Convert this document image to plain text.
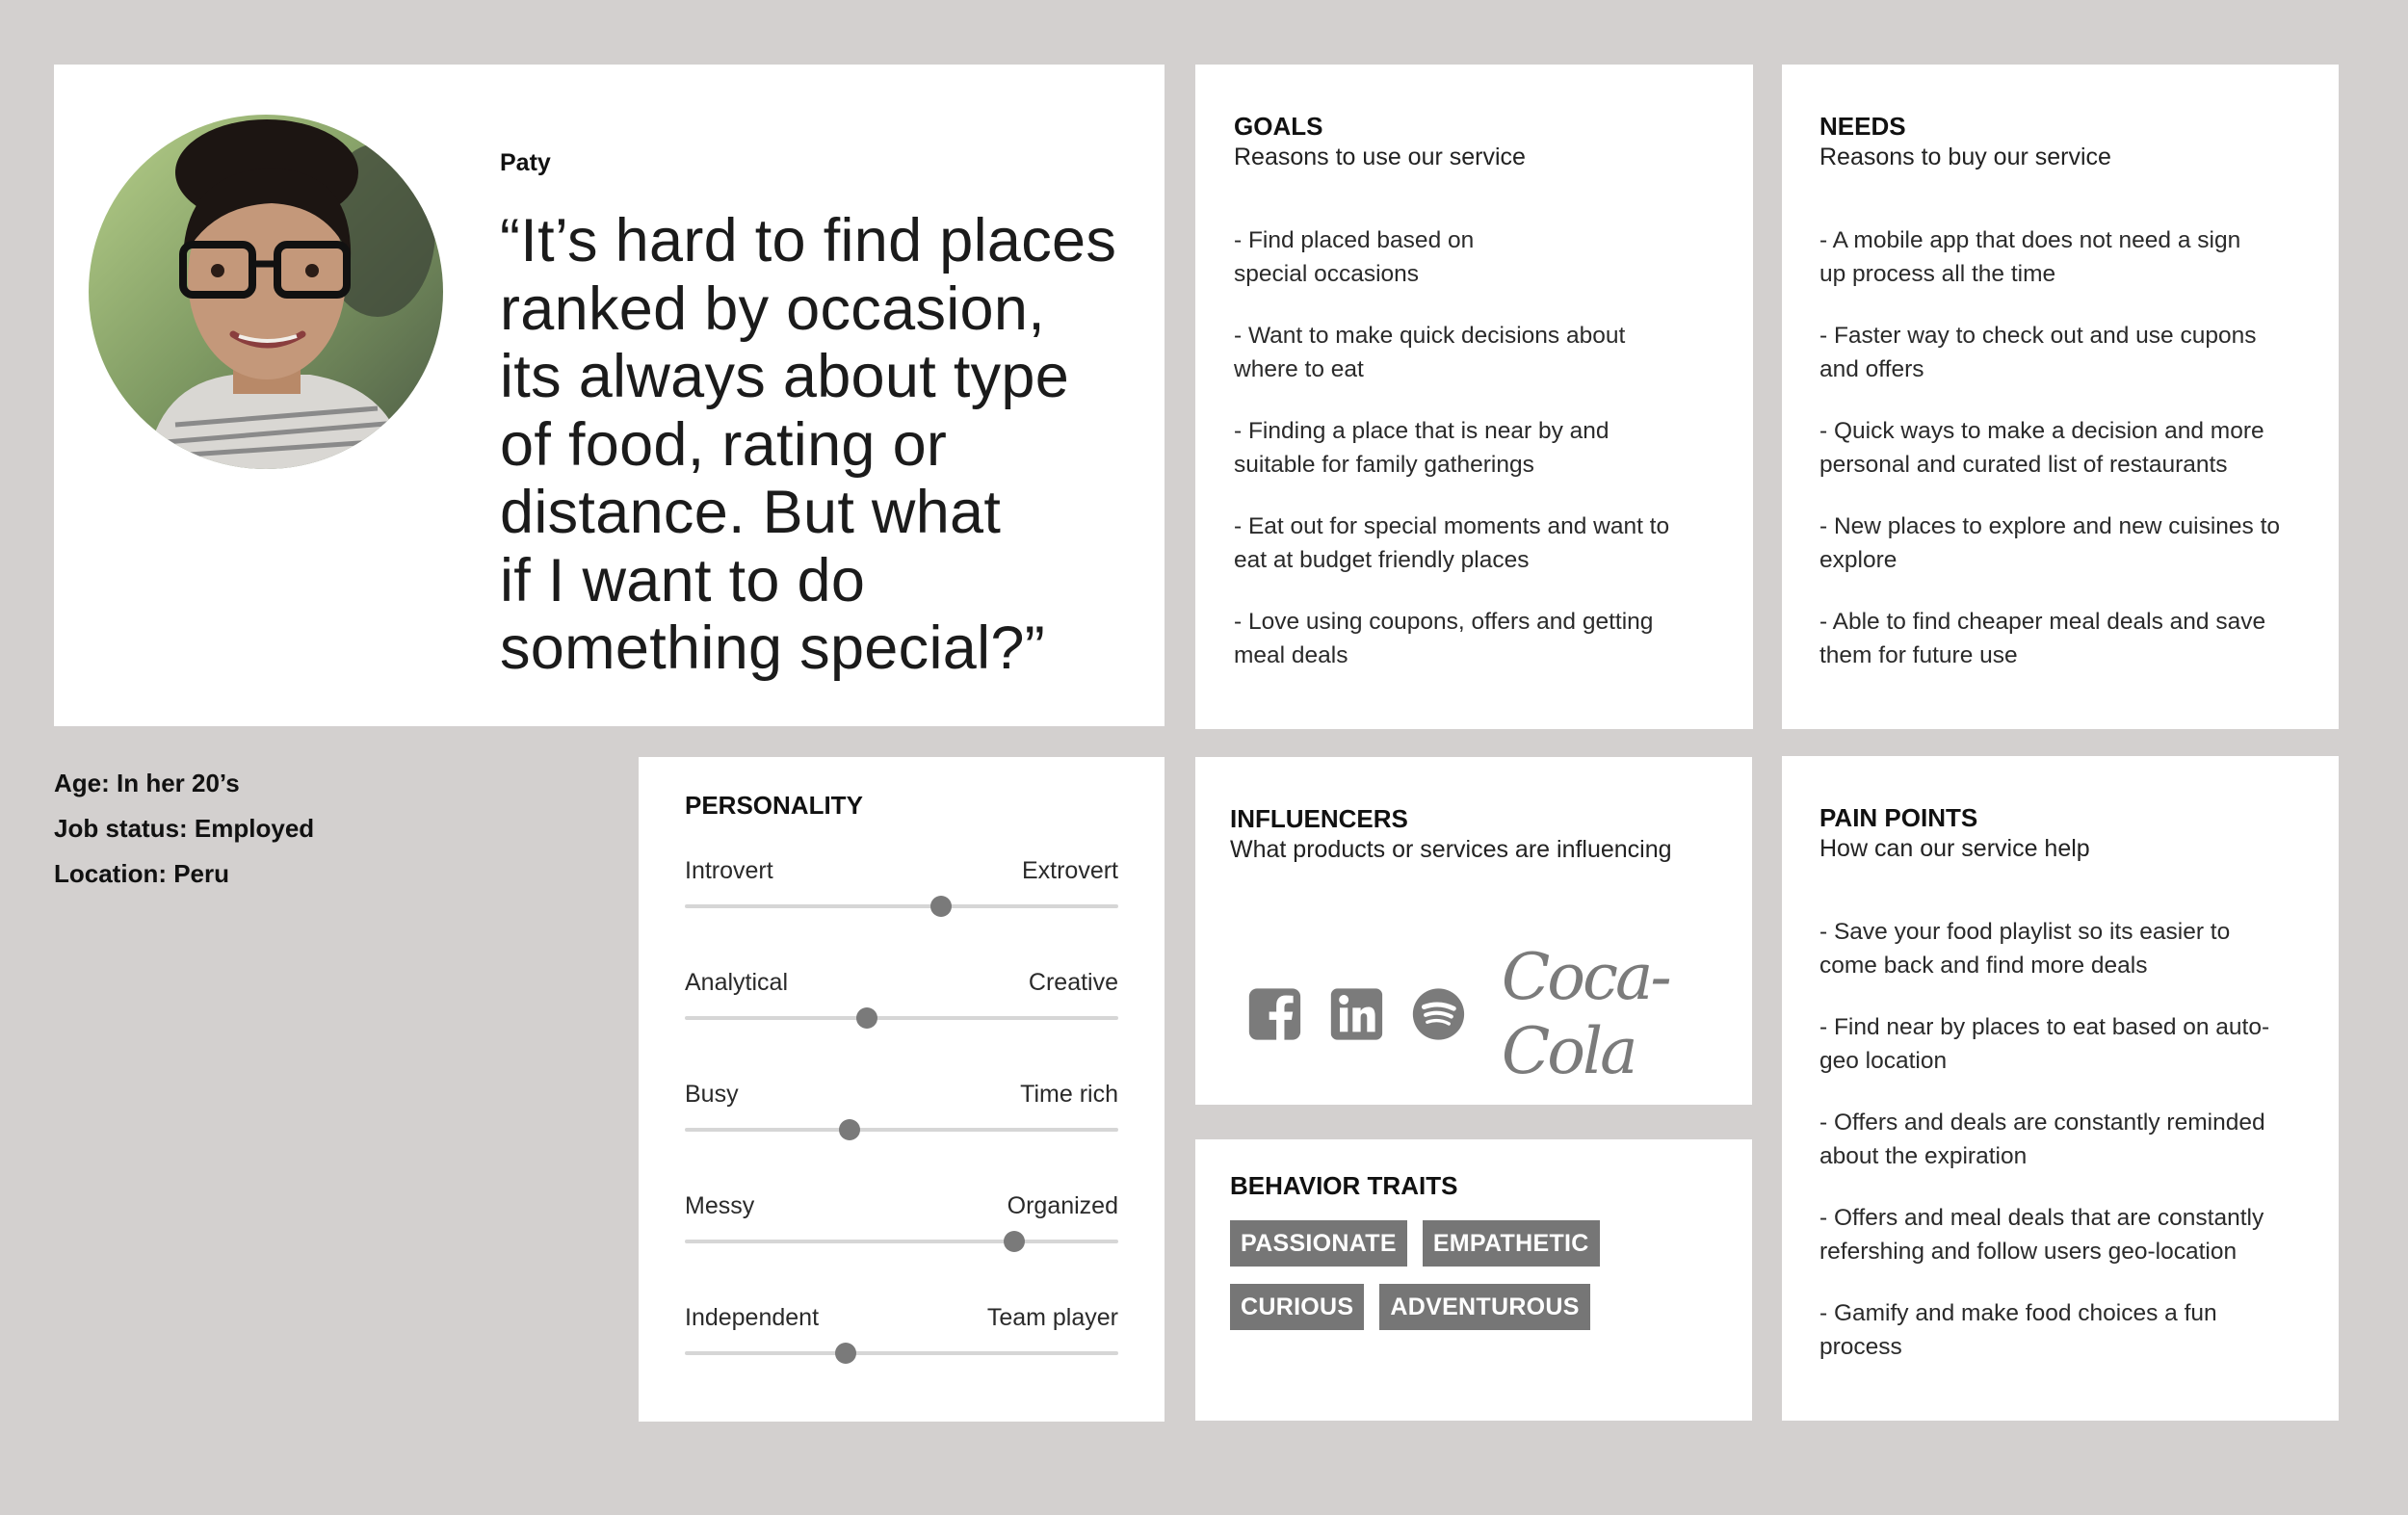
Paty
“It’s hard to find places
ranked by occasion,
its always about type
of food, rating or
distance. But what
if I want to do
something special?”
Age: In her 20’s
Job status: Employed
Location: Peru
GOALS
Reasons to use our service
- Find placed based on
special occasions
- Want to make quick decisions about
where to eat
- Finding a place that is near by and
suitable for family gatherings
- Eat out for special moments and want to
eat at budget friendly places
- Love using coupons, offers and getting
meal deals
NEEDS
Reasons to buy our service
- A mobile app that does not need a sign
up process all the time
- Faster way to check out and use cupons
and offers
- Quick ways to make a decision and more
personal and curated list of restaurants
- New places to explore and new cuisines to
explore
- Able to find cheaper meal deals and save
them for future use
PERSONALITY
Introvert	Extrovert
Analytical	Creative
Busy	Time rich
Messy	Organized
Independent	Team player
INFLUENCERS
What products or services are influencing
Coca-Cola
BEHAVIOR TRAITS
PASSIONATE	EMPATHETIC
CURIOUS	ADVENTUROUS
PAIN POINTS
How can our service help
- Save your food playlist so its easier to
come back and find more deals
- Find near by places to eat based on auto-
geo location
- Offers and deals are constantly reminded
about the expiration
- Offers and meal deals that are constantly
refershing and follow users geo-location
- Gamify and make food choices a fun
process
